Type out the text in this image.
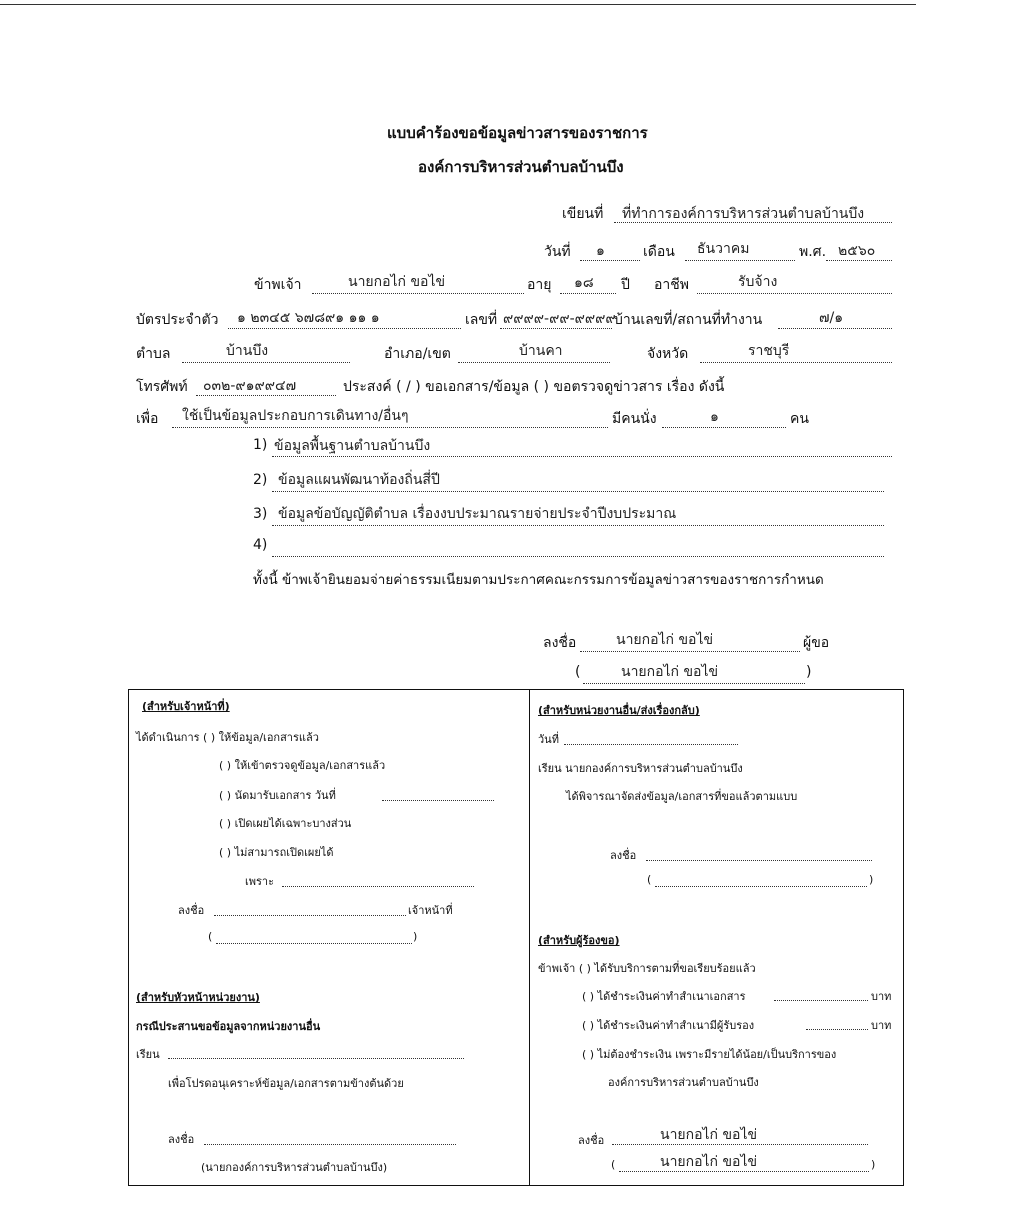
แบบคำร้องขอข้อมูลข่าวสารของราชการ
องค์การบริหารส่วนตำบลบ้านบึง
เขียนที่ ที่ทำการองค์การบริหารส่วนตำบลบ้านบึง
วันที่ ๑	เดือน ธันวาคม	พ.ศ. ๒๕๖๐
ข้าพเจ้า	นายกอไก่ ขอไข่	อายุ ๑๘ ปี อาชีพ	รับจ้าง
บัตรประจำตัว ๑ ๒๓๔๕ ๖๗๘๙๑ ๑๑ ๑	เลขที่ ๙๙๙๙-๙๙-๙๙๙๙
บ้านเลขที่/สถานที่ทำงาน	๗/๑
ตำบล	บ้านบึง	อำเภอ/เขต	บ้านคา	จังหวัด	ราชบุรี
โทรศัพท์ ๐๓๒-๙๑๙๙๔๗	ประสงค์ ( / ) ขอเอกสาร/ข้อมูล ( ) ขอตรวจดูข่าวสาร เรื่อง ดังนี้
เพื่อ ใช้เป็นข้อมูลประกอบการเดินทาง/อื่นๆ	มีคนนั่ง	๑	คน
1) ข้อมูลพื้นฐานตำบลบ้านบึง
2) ข้อมูลแผนพัฒนาท้องถิ่นสี่ปี
3) ข้อมูลข้อบัญญัติตำบล เรื่องงบประมาณรายจ่ายประจำปีงบประมาณ
4)
ทั้งนี้ ข้าพเจ้ายินยอมจ่ายค่าธรรมเนียมตามประกาศคณะกรรมการข้อมูลข่าวสารของราชการกำหนด
ลงชื่อ	นายกอไก่ ขอไข่	ผู้ขอ
(	นายกอไก่ ขอไข่	)
(สำหรับเจ้าหน้าที่)
ได้ดำเนินการ ( ) ให้ข้อมูล/เอกสารแล้ว
( ) ให้เข้าตรวจดูข้อมูล/เอกสารแล้ว
( ) นัดมารับเอกสาร วันที่
( ) เปิดเผยได้เฉพาะบางส่วน
( ) ไม่สามารถเปิดเผยได้
เพราะ
ลงชื่อ	เจ้าหน้าที่
(	)
(สำหรับหัวหน้าหน่วยงาน)
กรณีประสานขอข้อมูลจากหน่วยงานอื่น
เรียน
เพื่อโปรดอนุเคราะห์ข้อมูล/เอกสารตามข้างต้นด้วย
ลงชื่อ
(นายกองค์การบริหารส่วนตำบลบ้านบึง)
(สำหรับหน่วยงานอื่น/ส่งเรื่องกลับ)
วันที่
เรียน นายกองค์การบริหารส่วนตำบลบ้านบึง
ได้พิจารณาจัดส่งข้อมูล/เอกสารที่ขอแล้วตามแบบ
ลงชื่อ
(	)
(สำหรับผู้ร้องขอ)
ข้าพเจ้า ( ) ได้รับบริการตามที่ขอเรียบร้อยแล้ว
( ) ได้ชำระเงินค่าทำสำเนาเอกสาร	บาท
( ) ได้ชำระเงินค่าทำสำเนามีผู้รับรอง	บาท
( ) ไม่ต้องชำระเงิน เพราะมีรายได้น้อย/เป็นบริการของ
องค์การบริหารส่วนตำบลบ้านบึง
ลงชื่อ	นายกอไก่ ขอไข่
(	นายกอไก่ ขอไข่	)
